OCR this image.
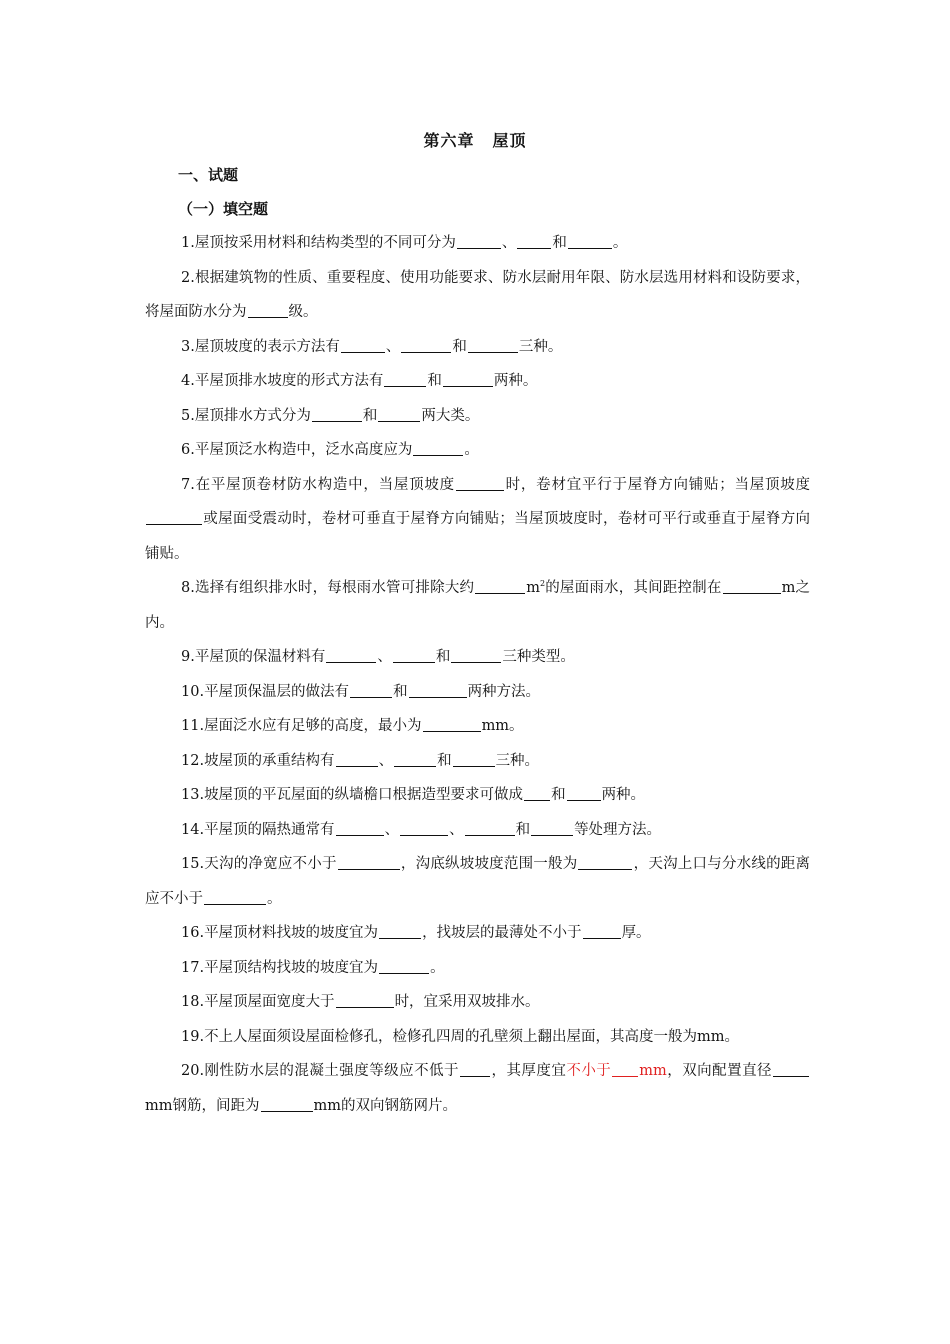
第六章 屋顶
一、试题
（一）填空题

1.屋顶按采用材料和结构类型的不同可分为	、 和	。

2.根据建筑物的性质、重要程度、使用功能要求、防水层耐用年限、防水层选用材料和设防要求，将屋面防水分为	级。

3.屋顶坡度的表示方法有	、	和	三种。

4.平屋顶排水坡度的形式方法有	和	两种。

5.屋顶排水方式分为	和	两大类。

6.平屋顶泛水构造中，泛水高度应为	。

7.在平屋顶卷材防水构造中，当屋顶坡度	时，卷材宜平行于屋脊方向铺贴；当屋顶坡度或屋面受震动时，卷材可垂直于屋脊方向铺贴；当屋顶坡度时，卷材可平行或垂直于屋脊方向铺贴。

8.选择有组织排水时，每根雨水管可排除大约	$m^2$的屋面雨水，其间距控制在	m之内。

9.平屋顶的保温材料有	、	和	三种类型。

10.平屋顶保温层的做法有	和	两种方法。

11.屋面泛水应有足够的高度，最小为	mm。

12.坡屋顶的承重结构有	、	和	三种。

13.坡屋顶的平瓦屋面的纵墙檐口根据造型要求可做成 和 两种。

14.平屋顶的隔热通常有	、	、	和	等处理方法。

15.天沟的净宽应不小于	，沟底纵坡坡度范围一般为	，天沟上口与分水线的距离应不小于	。

16.平屋顶材料找坡的坡度宜为	，找坡层的最薄处不小于	厚。

17.平屋顶结构找坡的坡度宜为	。

18.平屋顶屋面宽度大于	时，宜采用双坡排水。

19.不上人屋面须设屋面检修孔，检修孔四周的孔壁须上翻出屋面，其高度一般为mm。

20.刚性防水层的混凝土强度等级应不低于 ，其厚度宜不小于 mm，双向配置直径mm钢筋，间距为	mm的双向钢筋网片。
